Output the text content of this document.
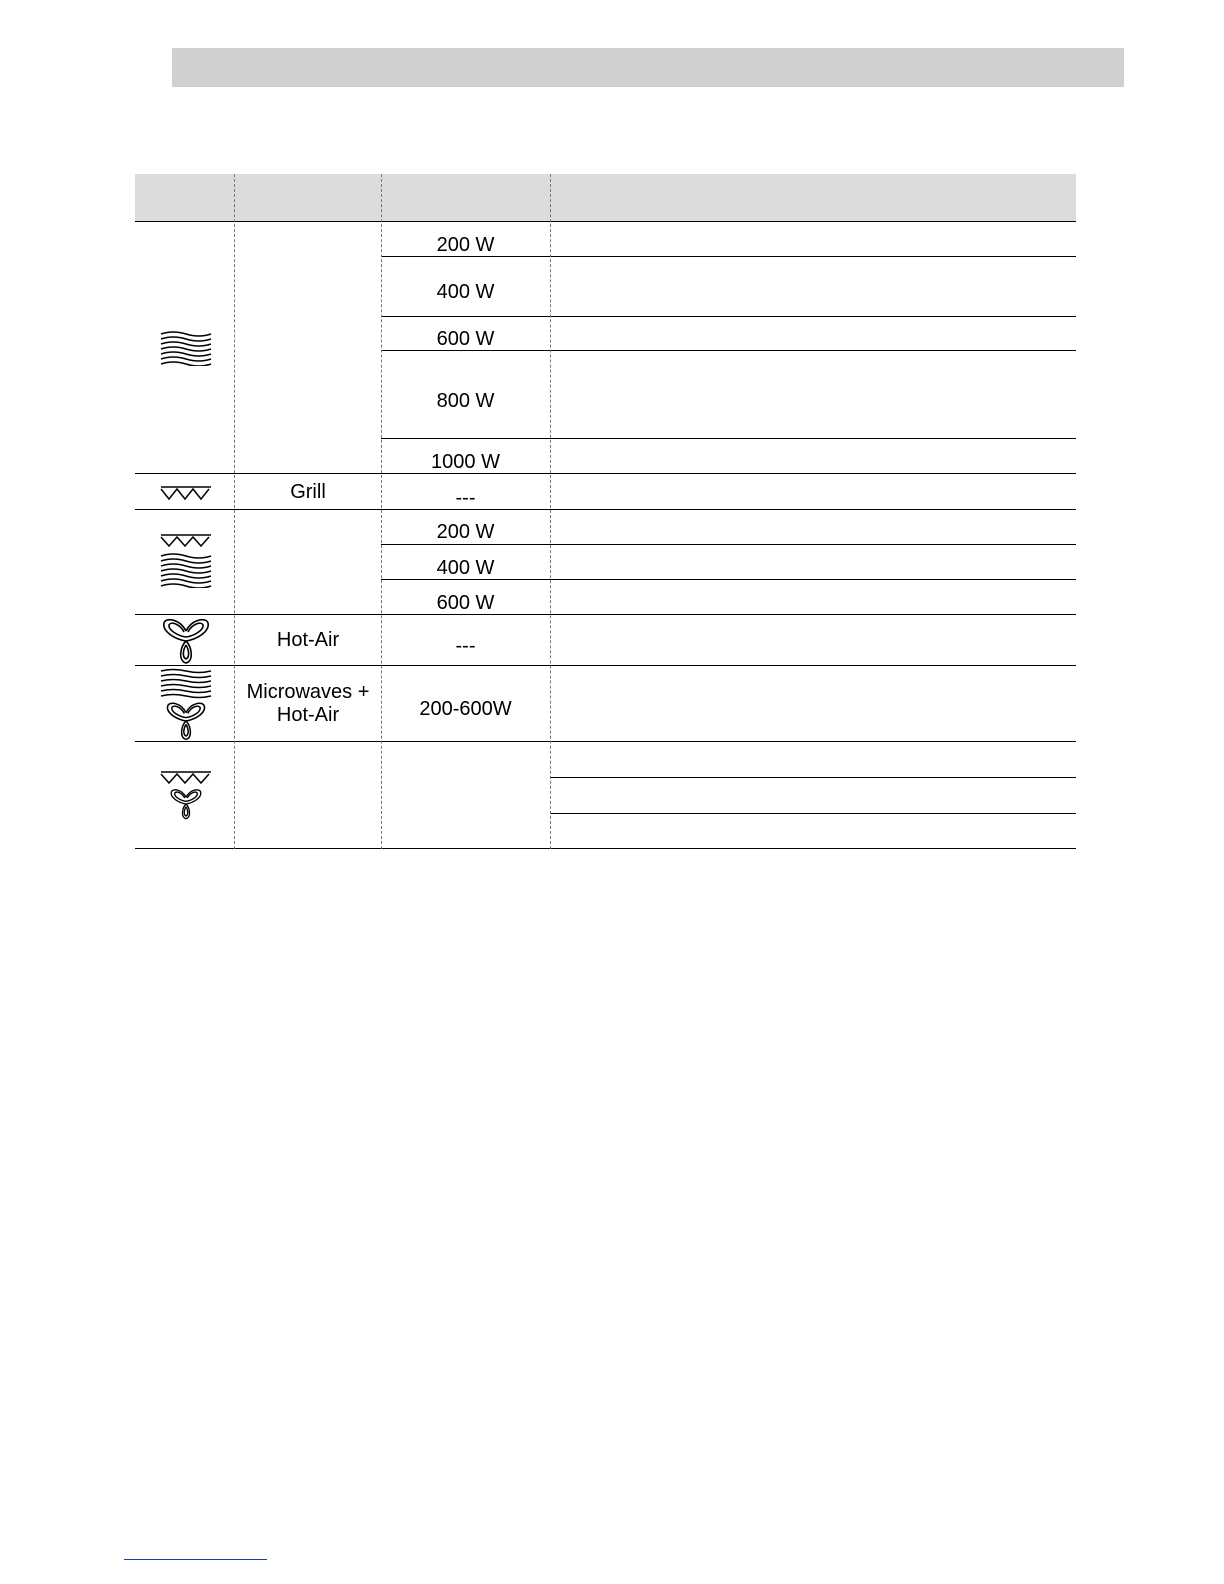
200 W
400 W
600 W
800 W
1000 W
Grill	---
200 W
400 W
600 W
Hot-Air	---
Microwaves +
Hot-Air	200-600W
